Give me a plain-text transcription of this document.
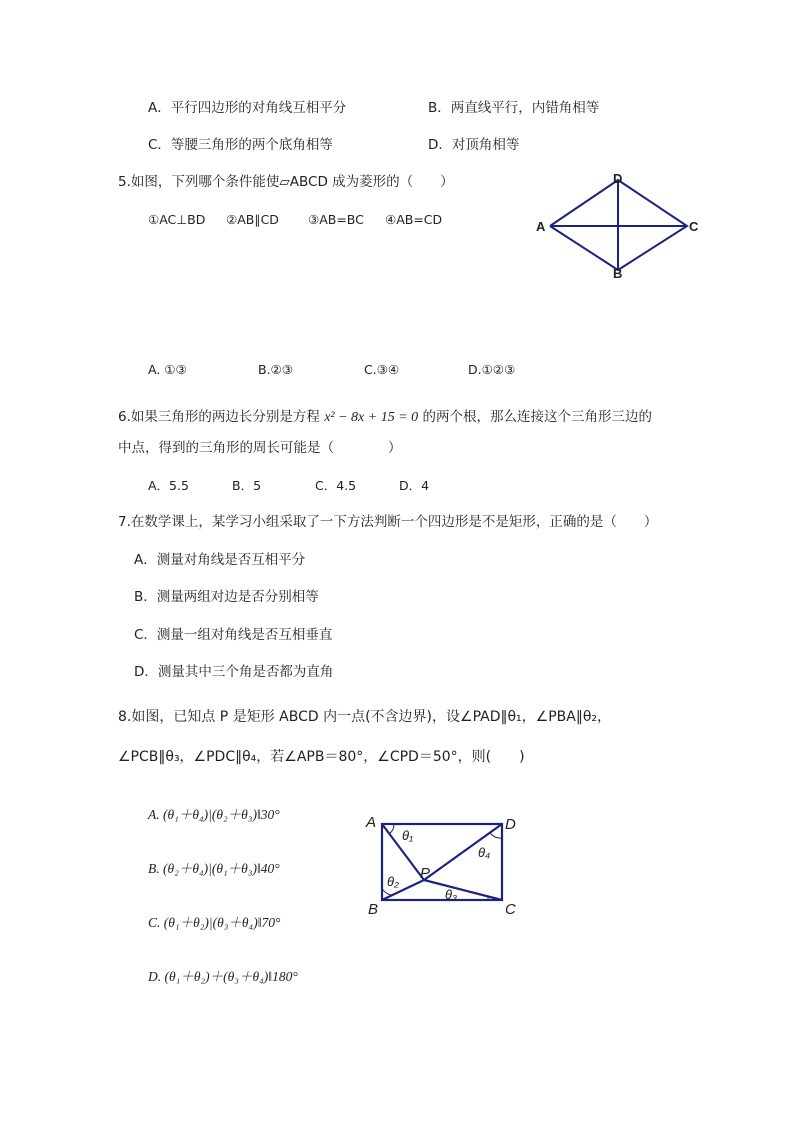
A．平行四边形的对角线互相平分	B．两直线平行，内错角相等
C．等腰三角形的两个底角相等	D．对顶角相等
5.如图，下列哪个条件能使▱ABCD 成为菱形的（　　）
①AC⊥BD ②AB∥CD ③AB=BC ④AB=CD
D
A	C
B
A. ①③	B.②③	C.③④	D.①②③
6.如果三角形的两边长分别是方程 x² − 8x + 15 = 0 的两个根，那么连接这个三角形三边的
中点，得到的三角形的周长可能是（　　　　）
A．5.5	B．5	C．4.5	D．4
7.在数学课上，某学习小组采取了一下方法判断一个四边形是不是矩形，正确的是（　　）
A．测量对角线是否互相平分
B．测量两组对边是否分别相等
C．测量一组对角线是否互相垂直
D．测量其中三个角是否都为直角
8.如图，已知点 P 是矩形 ABCD 内一点(不含边界)，设∠PAD‖θ₁，∠PBA‖θ₂，
∠PCB‖θ₃，∠PDC‖θ₄，若∠APB＝80°，∠CPD＝50°，则(　　)
A. (θ₁＋θ₄)|(θ₂＋θ₃)‖30°
B. (θ₂＋θ₄)|(θ₁＋θ₃)‖40°
C. (θ₁＋θ₂)|(θ₃＋θ₄)‖70°
D. (θ₁＋θ₂)＋(θ₃＋θ₄)‖180°
A	D
B	C
P
θ₁
θ₂
θ₃
θ₄
